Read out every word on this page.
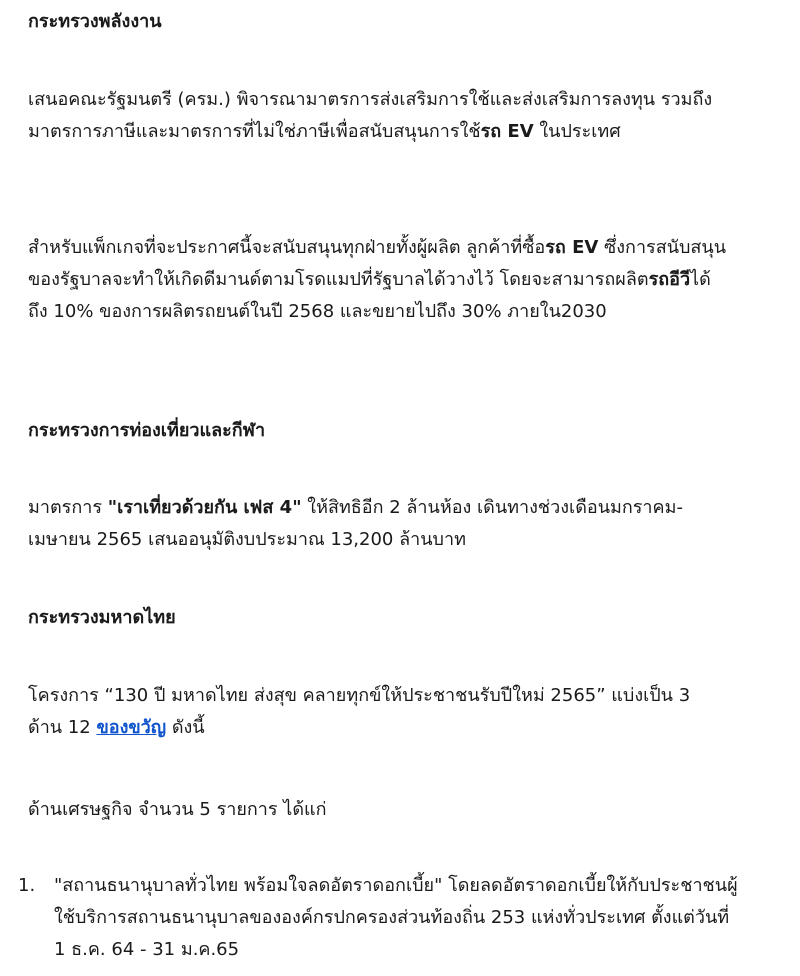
กระทรวงพลังงาน

เสนอคณะรัฐมนตรี (ครม.) พิจารณามาตรการส่งเสริมการใช้และส่งเสริมการลงทุน รวมถึงมาตรการภาษีและมาตรการที่ไม่ใช่ภาษีเพื่อสนับสนุนการใช้รถ EV ในประเทศ

สำหรับแพ็กเกจที่จะประกาศนี้จะสนับสนุนทุกฝ่ายทั้งผู้ผลิต ลูกค้าที่ซื้อรถ EV ซึ่งการสนับสนุนของรัฐบาลจะทำให้เกิดดีมานด์ตามโรดแมปที่รัฐบาลได้วางไว้ โดยจะสามารถผลิตรถอีวีได้ถึง 10% ของการผลิตรถยนต์ในปี 2568 และขยายไปถึง 30% ภายใน2030

กระทรวงการท่องเที่ยวและกีฬา

มาตรการ "เราเที่ยวด้วยกัน เฟส 4" ให้สิทธิอีก 2 ล้านห้อง เดินทางช่วงเดือนมกราคม-เมษายน 2565 เสนออนุมัติงบประมาณ 13,200 ล้านบาท

กระทรวงมหาดไทย

โครงการ “130 ปี มหาดไทย ส่งสุข คลายทุกข์ให้ประชาชนรับปีใหม่ 2565” แบ่งเป็น 3 ด้าน 12 ของขวัญ ดังนี้

ด้านเศรษฐกิจ จำนวน 5 รายการ ได้แก่

1. "สถานธนานุบาลทั่วไทย พร้อมใจลดอัตราดอกเบี้ย" โดยลดอัตราดอกเบี้ยให้กับประชาชนผู้ใช้บริการสถานธนานุบาลขององค์กรปกครองส่วนท้องถิ่น 253 แห่งทั่วประเทศ ตั้งแต่วันที่ 1 ธ.ค. 64 - 31 ม.ค.65
